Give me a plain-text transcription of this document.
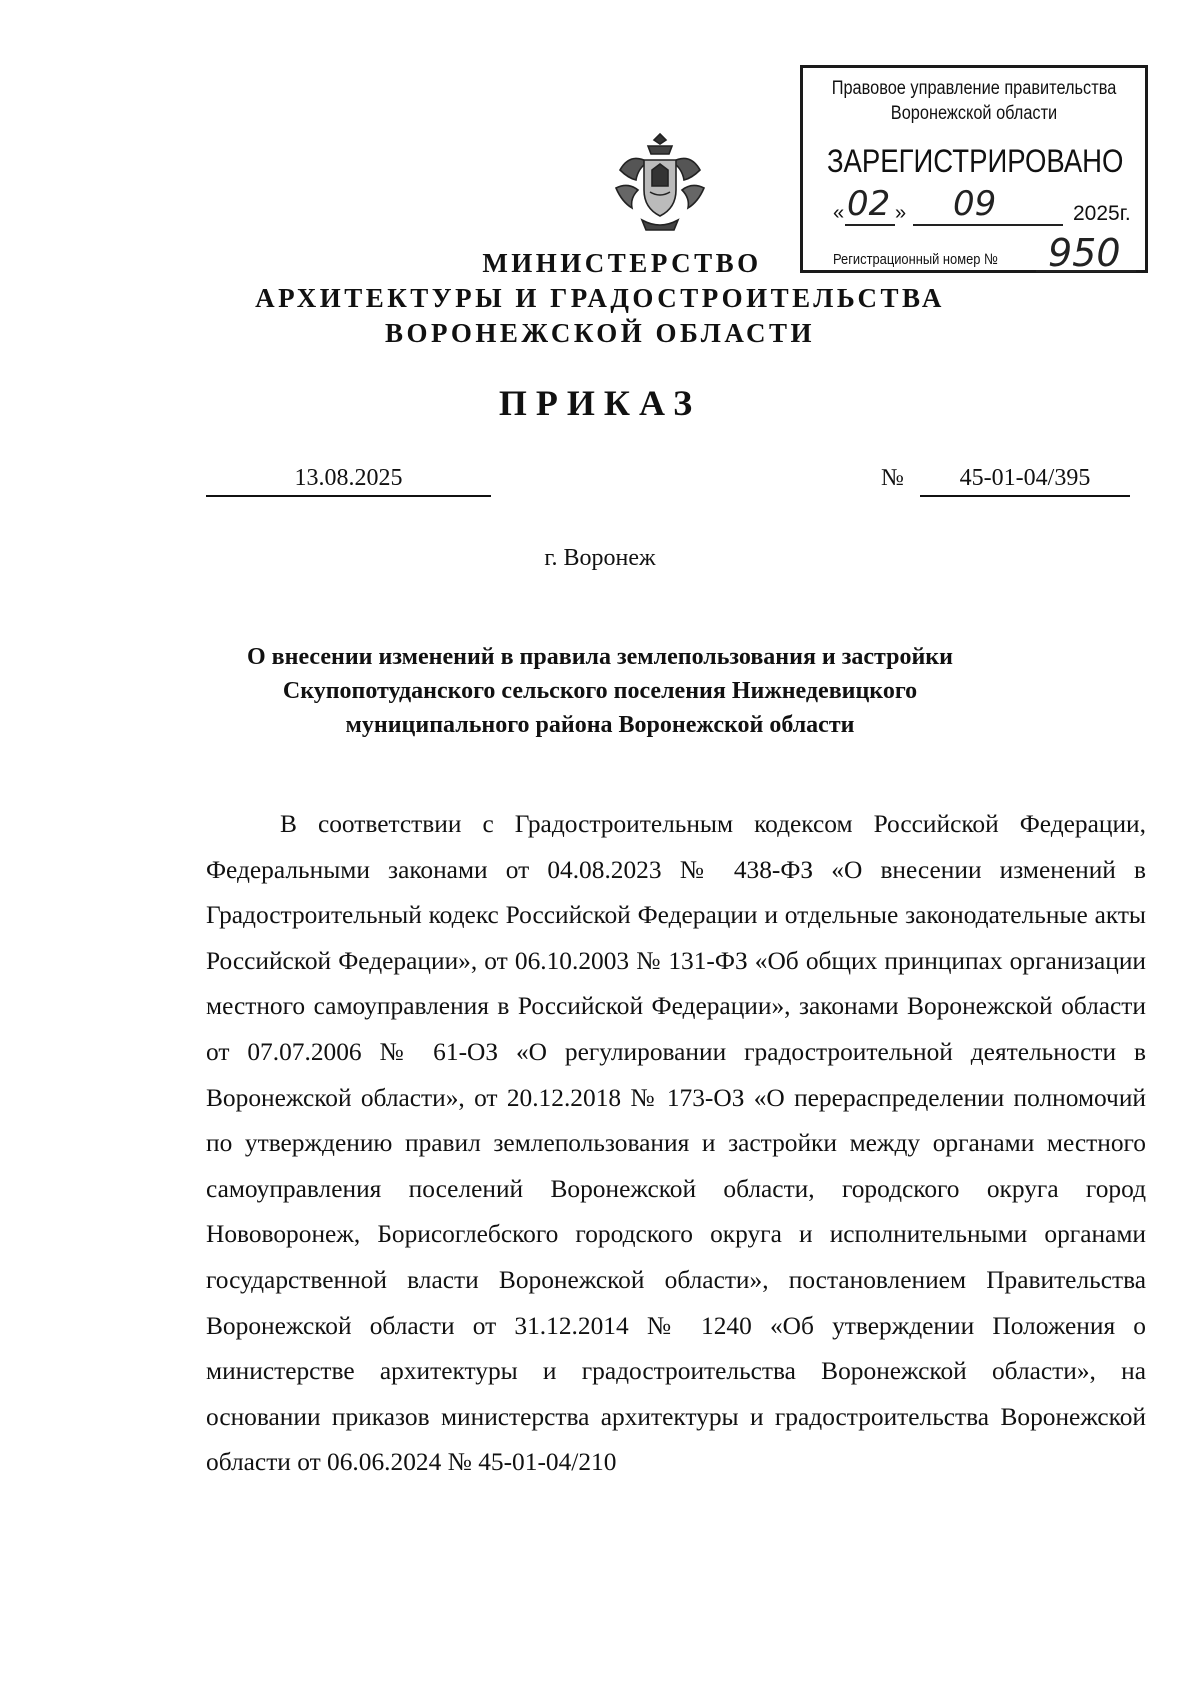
Правовое управление правительства
Воронежской области
ЗАРЕГИСТРИРОВАНО
« 02 » 09	2025г.
Регистрационный номер № 950
МИНИСТЕРСТВО
АРХИТЕКТУРЫ И ГРАДОСТРОИТЕЛЬСТВА
ВОРОНЕЖСКОЙ ОБЛАСТИ
ПРИКАЗ
13.08.2025	№	45-01-04/395
г. Воронеж
О внесении изменений в правила землепользования и застройки Скупопотуданского сельского поселения Нижнедевицкого муниципального района Воронежской области

В соответствии с Градостроительным кодексом Российской Федерации, Федеральными законами от 04.08.2023 № 438-ФЗ «О внесении изменений в Градостроительный кодекс Российской Федерации и отдельные законодательные акты Российской Федерации», от 06.10.2003 № 131-ФЗ «Об общих принципах организации местного самоуправления в Российской Федерации», законами Воронежской области от 07.07.2006 № 61-ОЗ «О регулировании градостроительной деятельности в Воронежской области», от 20.12.2018 № 173-ОЗ «О перераспределении полномочий по утверждению правил землепользования и застройки между органами местного самоуправления поселений Воронежской области, городского округа город Нововоронеж, Борисоглебского городского округа и исполнительными органами государственной власти Воронежской области», постановлением Правительства Воронежской области от 31.12.2014 № 1240 «Об утверждении Положения о министерстве архитектуры и градостроительства Воронежской области», на основании приказов министерства архитектуры и градостроительства Воронежской области от 06.06.2024 № 45-01-04/210
